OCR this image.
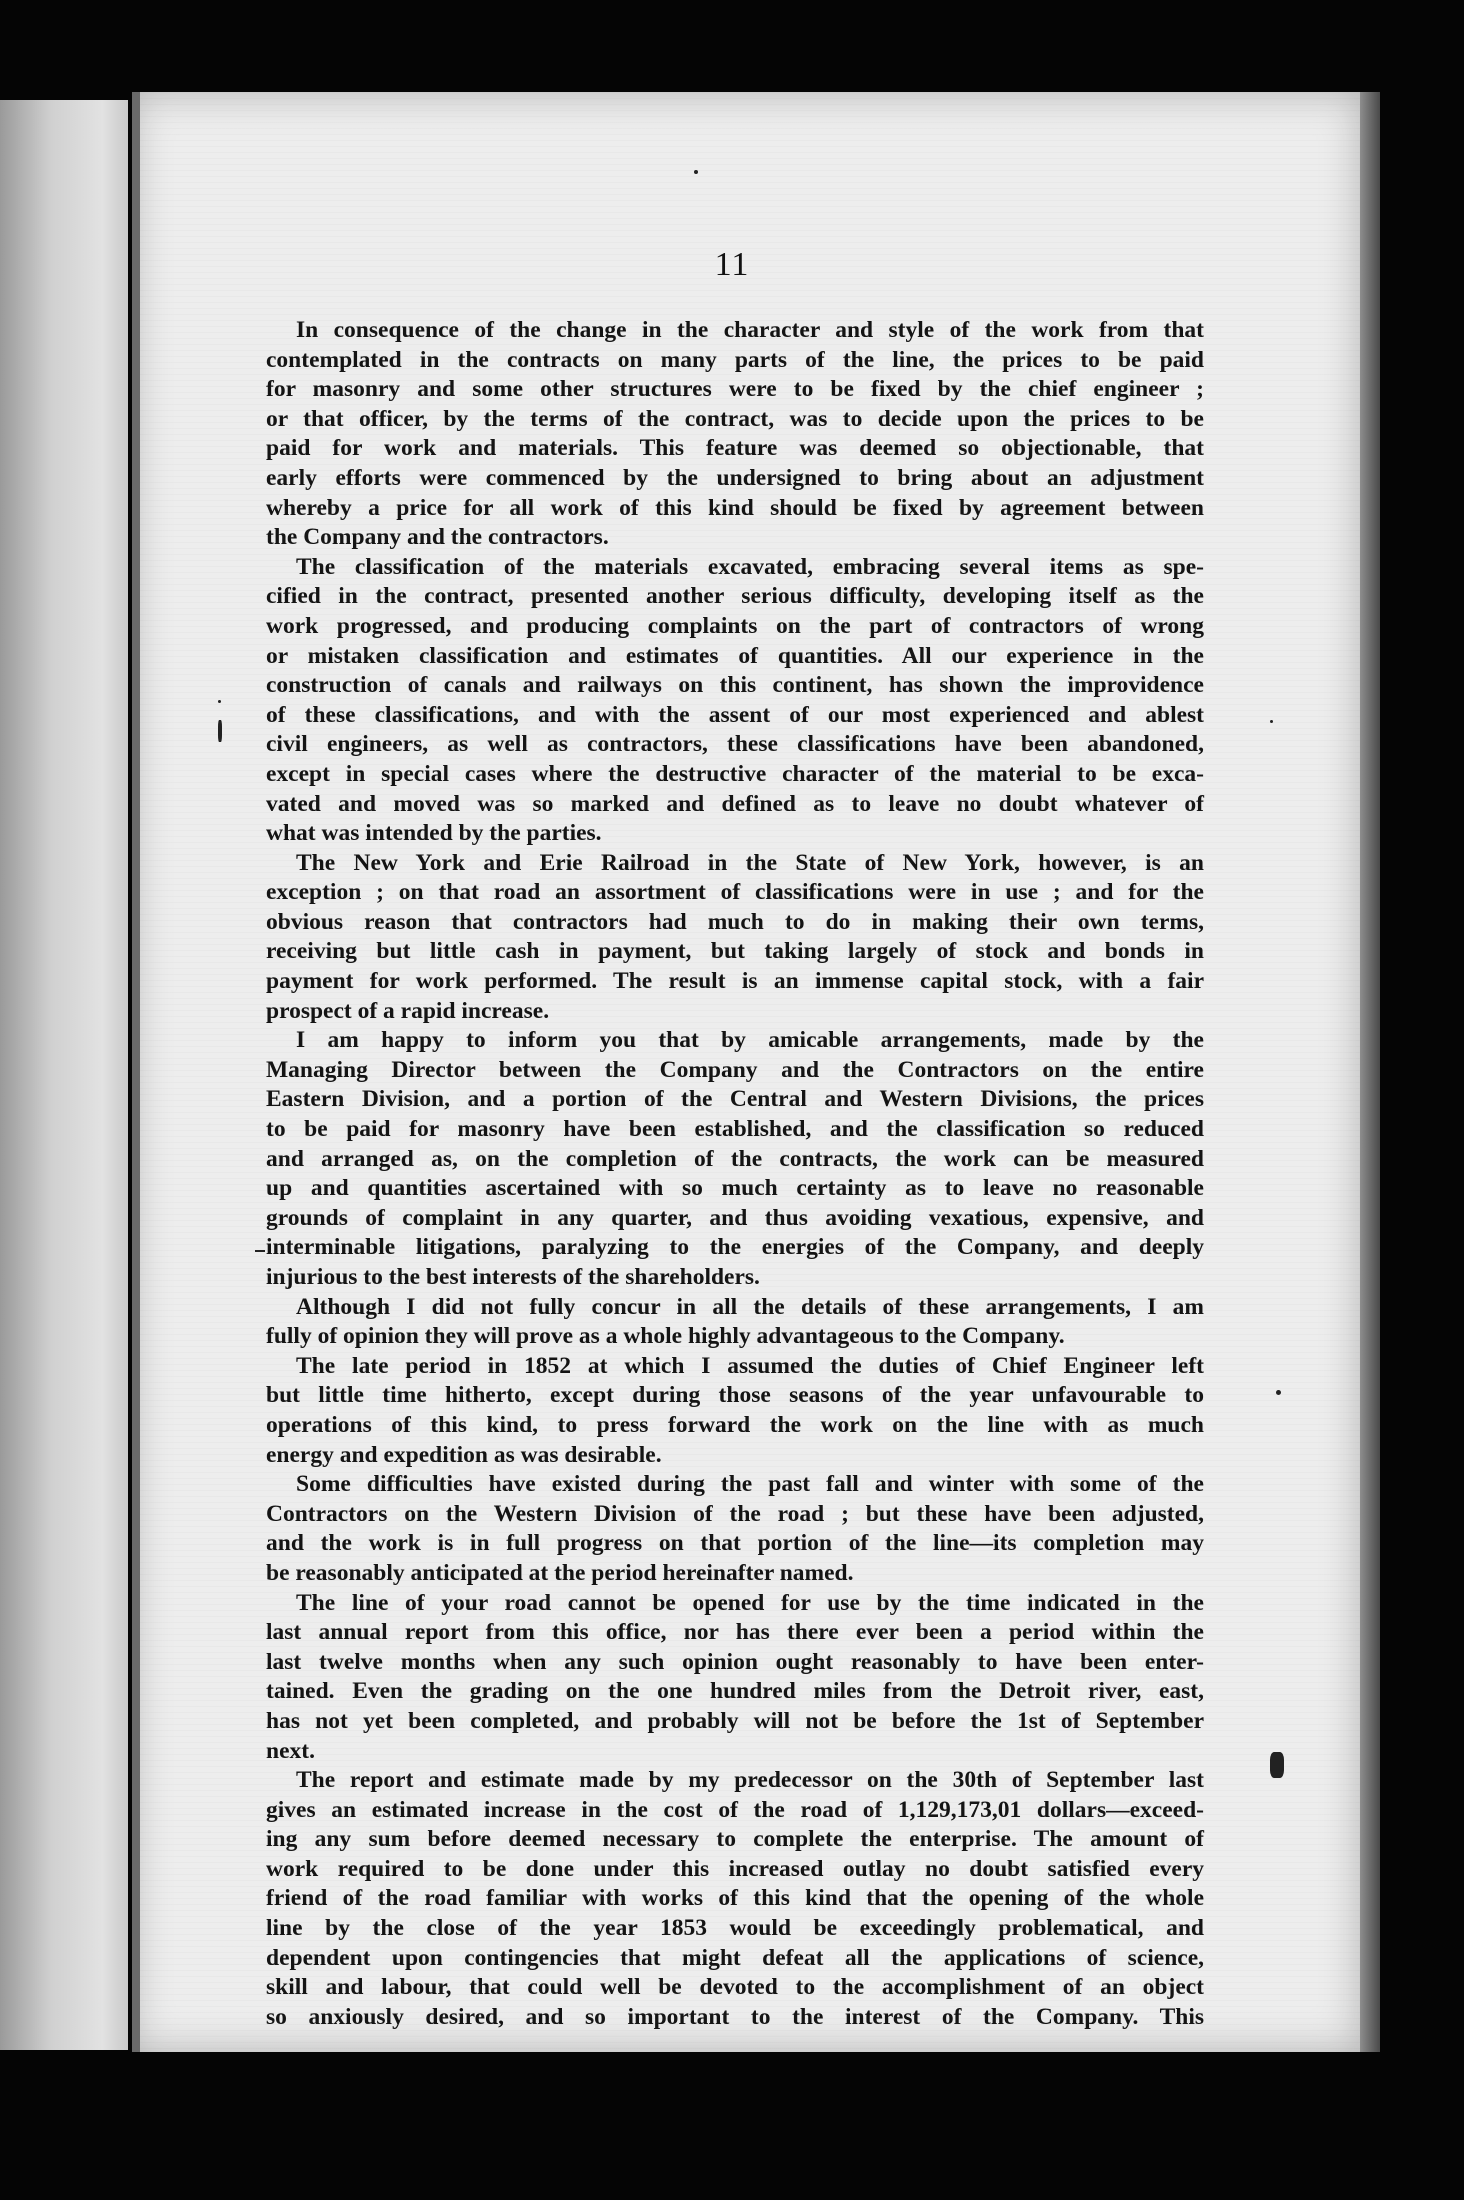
11
In consequence of the change in the character and style of the work from that
contemplated in the contracts on many parts of the line, the prices to be paid
for masonry and some other structures were to be fixed by the chief engineer ;
or that officer, by the terms of the contract, was to decide upon the prices to be
paid for work and materials. This feature was deemed so objectionable, that
early efforts were commenced by the undersigned to bring about an adjustment
whereby a price for all work of this kind should be fixed by agreement between
the Company and the contractors.
The classification of the materials excavated, embracing several items as spe-
cified in the contract, presented another serious difficulty, developing itself as the
work progressed, and producing complaints on the part of contractors of wrong
or mistaken classification and estimates of quantities. All our experience in the
construction of canals and railways on this continent, has shown the improvidence
of these classifications, and with the assent of our most experienced and ablest
civil engineers, as well as contractors, these classifications have been abandoned,
except in special cases where the destructive character of the material to be exca-
vated and moved was so marked and defined as to leave no doubt whatever of
what was intended by the parties.
The New York and Erie Railroad in the State of New York, however, is an
exception ; on that road an assortment of classifications were in use ; and for the
obvious reason that contractors had much to do in making their own terms,
receiving but little cash in payment, but taking largely of stock and bonds in
payment for work performed. The result is an immense capital stock, with a fair
prospect of a rapid increase.
I am happy to inform you that by amicable arrangements, made by the
Managing Director between the Company and the Contractors on the entire
Eastern Division, and a portion of the Central and Western Divisions, the prices
to be paid for masonry have been established, and the classification so reduced
and arranged as, on the completion of the contracts, the work can be measured
up and quantities ascertained with so much certainty as to leave no reasonable
grounds of complaint in any quarter, and thus avoiding vexatious, expensive, and
interminable litigations, paralyzing to the energies of the Company, and deeply
injurious to the best interests of the shareholders.
Although I did not fully concur in all the details of these arrangements, I am
fully of opinion they will prove as a whole highly advantageous to the Company.
The late period in 1852 at which I assumed the duties of Chief Engineer left
but little time hitherto, except during those seasons of the year unfavourable to
operations of this kind, to press forward the work on the line with as much
energy and expedition as was desirable.
Some difficulties have existed during the past fall and winter with some of the
Contractors on the Western Division of the road ; but these have been adjusted,
and the work is in full progress on that portion of the line—its completion may
be reasonably anticipated at the period hereinafter named.
The line of your road cannot be opened for use by the time indicated in the
last annual report from this office, nor has there ever been a period within the
last twelve months when any such opinion ought reasonably to have been enter-
tained. Even the grading on the one hundred miles from the Detroit river, east,
has not yet been completed, and probably will not be before the 1st of September
next.
The report and estimate made by my predecessor on the 30th of September last
gives an estimated increase in the cost of the road of 1,129,173,01 dollars—exceed-
ing any sum before deemed necessary to complete the enterprise. The amount of
work required to be done under this increased outlay no doubt satisfied every
friend of the road familiar with works of this kind that the opening of the whole
line by the close of the year 1853 would be exceedingly problematical, and
dependent upon contingencies that might defeat all the applications of science,
skill and labour, that could well be devoted to the accomplishment of an object
so anxiously desired, and so important to the interest of the Company. This
